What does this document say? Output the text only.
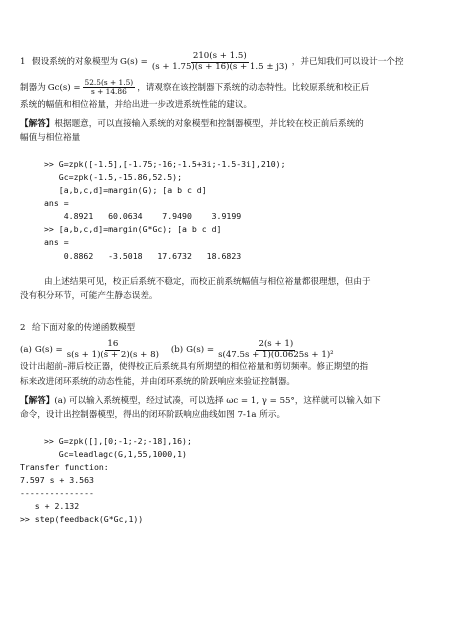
1 假设系统的对象模型为 $G(s) = \frac{210(s + 1.5)}{(s + 1.75)(s + 16)(s + 1.5 \pm j3)}$ ，并已知我们可以设计一个控
制器为 $Gc(s) = \frac{52.5(s + 1.5)}{s + 14.86}$ ，请观察在该控制器下系统的动态特性。比较原系统和校正后

系统的幅值和相位裕量，并给出进一步改进系统性能的建议。

【解答】根据题意，可以直接输入系统的对象模型和控制器模型，并比较在校正前后系统的

幅值与相位裕量

>> G=zpk([-1.5],[-1.75;-16;-1.5+3i;-1.5-3i],210);
Gc=zpk(-1.5,-15.86,52.5);
[a,b,c,d]=margin(G); [a b c d]
ans =
4.8921   60.0634    7.9490    3.9199
>> [a,b,c,d]=margin(G*Gc); [a b c d]
ans =
0.8862   -3.5018   17.6732   18.6823

由上述结果可见，校正后系统不稳定，而校正前系统幅值与相位裕量都很理想，但由于

没有积分环节，可能产生静态误差。

2 给下面对象的传递函数模型
(a) $G(s) = \frac{16}{s(s + 1)(s + 2)(s + 8)} (b) G(s) = \frac{2(s + 1)}{\text{s(47.5s + 1)(0.0625s + 1)²}}$

设计出超前–滞后校正器，使得校正后系统具有所期望的相位裕量和剪切频率。修正期望的指

标来改进闭环系统的动态性能，并由闭环系统的阶跃响应来验证控制器。

【解答】(a) 可以输入系统模型，经过试凑，可以选择 ωc = 1, γ = 55°，这样就可以输入如下

命令，设计出控制器模型，得出的闭环阶跃响应曲线如图 7-1a 所示。

>> G=zpk([],[0;-1;-2;-18],16);
Gc=leadlagc(G,1,55,1000,1)
Transfer function:
7.597 s + 3.563
---------------
s + 2.132
>> step(feedback(G*Gc,1))
